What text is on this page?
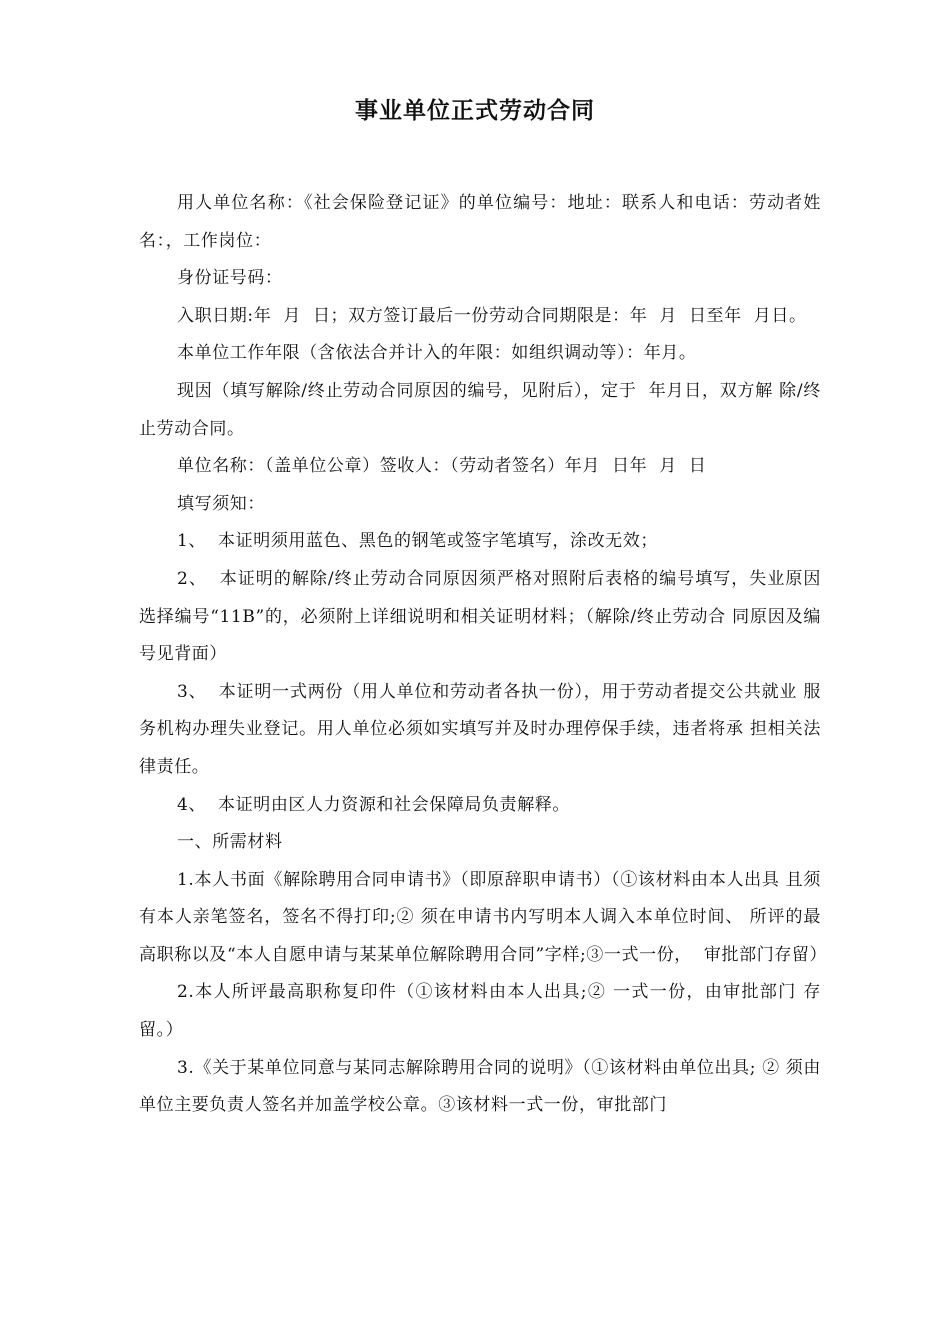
事业单位正式劳动合同

用人单位名称：《社会保险登记证》的单位编号：地址：联系人和电话：劳动者姓名：，工作岗位：

身份证号码：

入职日期:年  月  日；双方签订最后一份劳动合同期限是：年  月  日至年  月日。

本单位工作年限（含依法合并计入的年限：如组织调动等）：年月。

现因（填写解除/终止劳动合同原因的编号，见附后），定于  年月日，双方解 除/终止劳动合同。

单位名称：（盖单位公章）签收人：（劳动者签名）年月  日年  月  日

填写须知：

1、  本证明须用蓝色、黑色的钢笔或签字笔填写，涂改无效；

2、  本证明的解除/终止劳动合同原因须严格对照附后表格的编号填写，失业原因选择编号“11B”的，必须附上详细说明和相关证明材料；（解除/终止劳动合 同原因及编号见背面）

3、  本证明一式两份（用人单位和劳动者各执一份），用于劳动者提交公共就业 服务机构办理失业登记。用人单位必须如实填写并及时办理停保手续，违者将承 担相关法律责任。

4、  本证明由区人力资源和社会保障局负责解释。

一、所需材料

1.本人书面《解除聘用合同申请书》（即原辞职申请书）（①该材料由本人出具 且须有本人亲笔签名，签名不得打印;② 须在申请书内写明本人调入本单位时间、 所评的最高职称以及“本人自愿申请与某某单位解除聘用合同”字样;③一式一份，  审批部门存留）

2.本人所评最高职称复印件（①该材料由本人出具;② 一式一份，由审批部门 存留。）

3.《关于某单位同意与某同志解除聘用合同的说明》（①该材料由单位出具; ② 须由单位主要负责人签名并加盖学校公章。③该材料一式一份，审批部门
